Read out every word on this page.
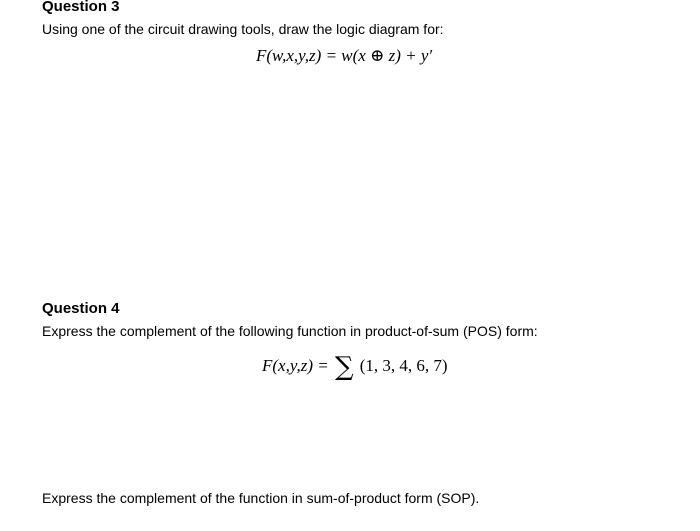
Question 3
Using one of the circuit drawing tools, draw the logic diagram for:
F(w,x,y,z) = w(x ⊕ z) + y′
Question 4
Express the complement of the following function in product-of-sum (POS) form:
F(x,y,z) = ∑ (1, 3, 4, 6, 7)
Express the complement of the function in sum-of-product form (SOP).
